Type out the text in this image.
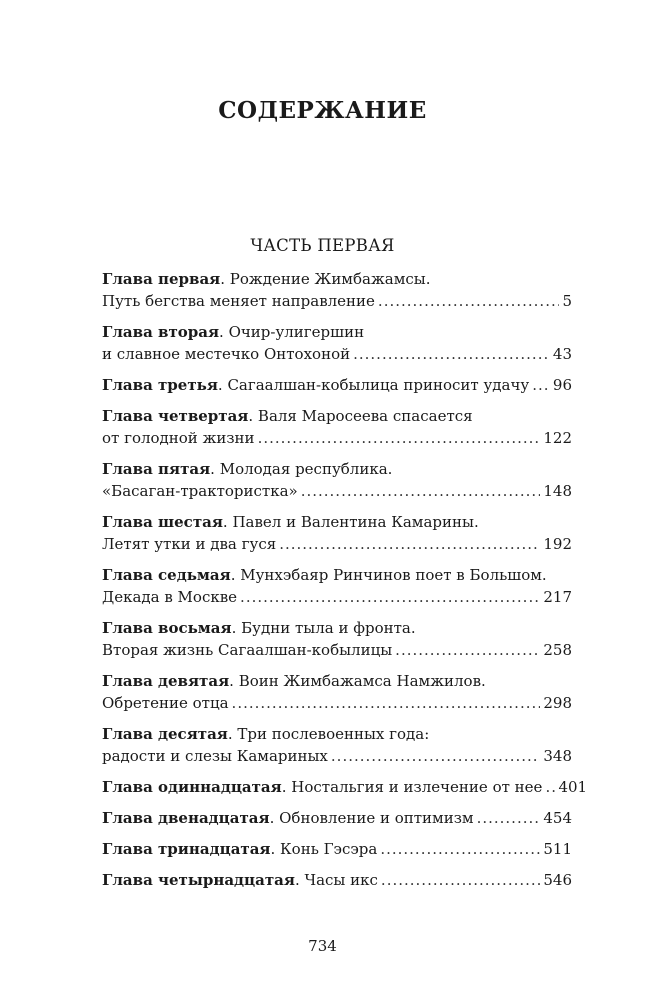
СОДЕРЖАНИЕ
ЧАСТЬ ПЕРВАЯ
Глава первая. Рождение Жимбажамсы.
Путь бегства меняет направление .....	5
Глава вторая. Очир-улигершин
и славное местечко Онтохоной .....	43
Глава третья . Сагаалшан-кобылица приносит удачу ..... 96
Глава четвертая. Валя Маросеева спасается
от голодной жизни .....	122
Глава пятая. Молодая республика.
«Басаган-трактористка» .....	148
Глава шестая. Павел и Валентина Камарины.
Летят утки и два гуся .....	192
Глава седьмая. Мунхэбаяр Ринчинов поет в Большом.
Декада в Москве .....	217
Глава восьмая. Будни тыла и фронта.
Вторая жизнь Сагаалшан-кобылицы .....	258
Глава девятая. Воин Жимбажамса Намжилов.
Обретение отца .....	298
Глава десятая. Три послевоенных года:
радости и слезы Камариных .....	348
Глава одиннадцатая . Ностальгия и излечение от нее ..... 401
Глава двенадцатая . Обновление и оптимизм .....	454
Глава тринадцатая . Конь Гэсэра .....	511
Глава четырнадцатая . Часы икс .....	546
734
